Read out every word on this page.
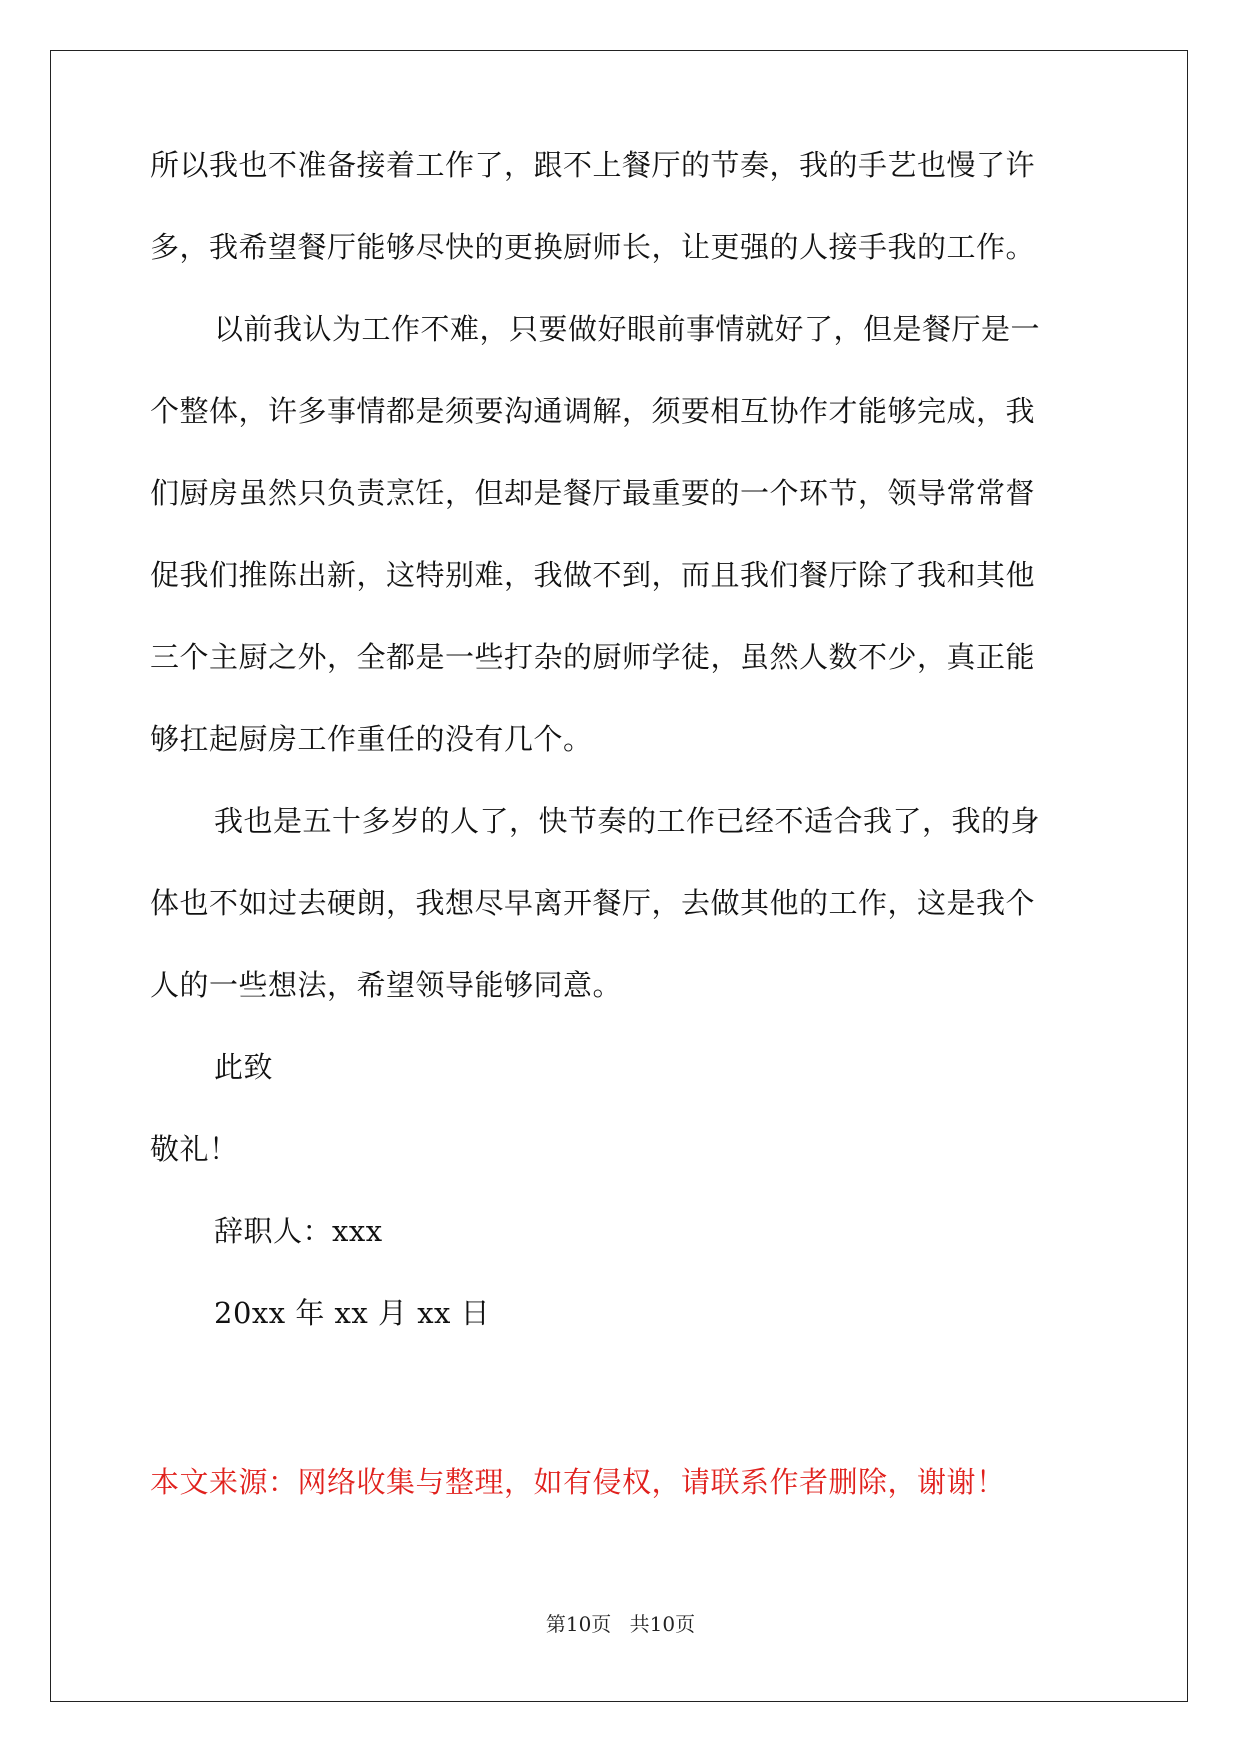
所以我也不准备接着工作了，跟不上餐厅的节奏，我的手艺也慢了许
多，我希望餐厅能够尽快的更换厨师长，让更强的人接手我的工作。
以前我认为工作不难，只要做好眼前事情就好了，但是餐厅是一
个整体，许多事情都是须要沟通调解，须要相互协作才能够完成，我
们厨房虽然只负责烹饪，但却是餐厅最重要的一个环节，领导常常督
促我们推陈出新，这特别难，我做不到，而且我们餐厅除了我和其他
三个主厨之外，全都是一些打杂的厨师学徒，虽然人数不少，真正能
够扛起厨房工作重任的没有几个。
我也是五十多岁的人了，快节奏的工作已经不适合我了，我的身
体也不如过去硬朗，我想尽早离开餐厅，去做其他的工作，这是我个
人的一些想法，希望领导能够同意。
此致
敬礼！
辞职人：xxx
20xx 年 xx 月 xx 日
本文来源：网络收集与整理，如有侵权，请联系作者删除，谢谢！
第10页 共10页
